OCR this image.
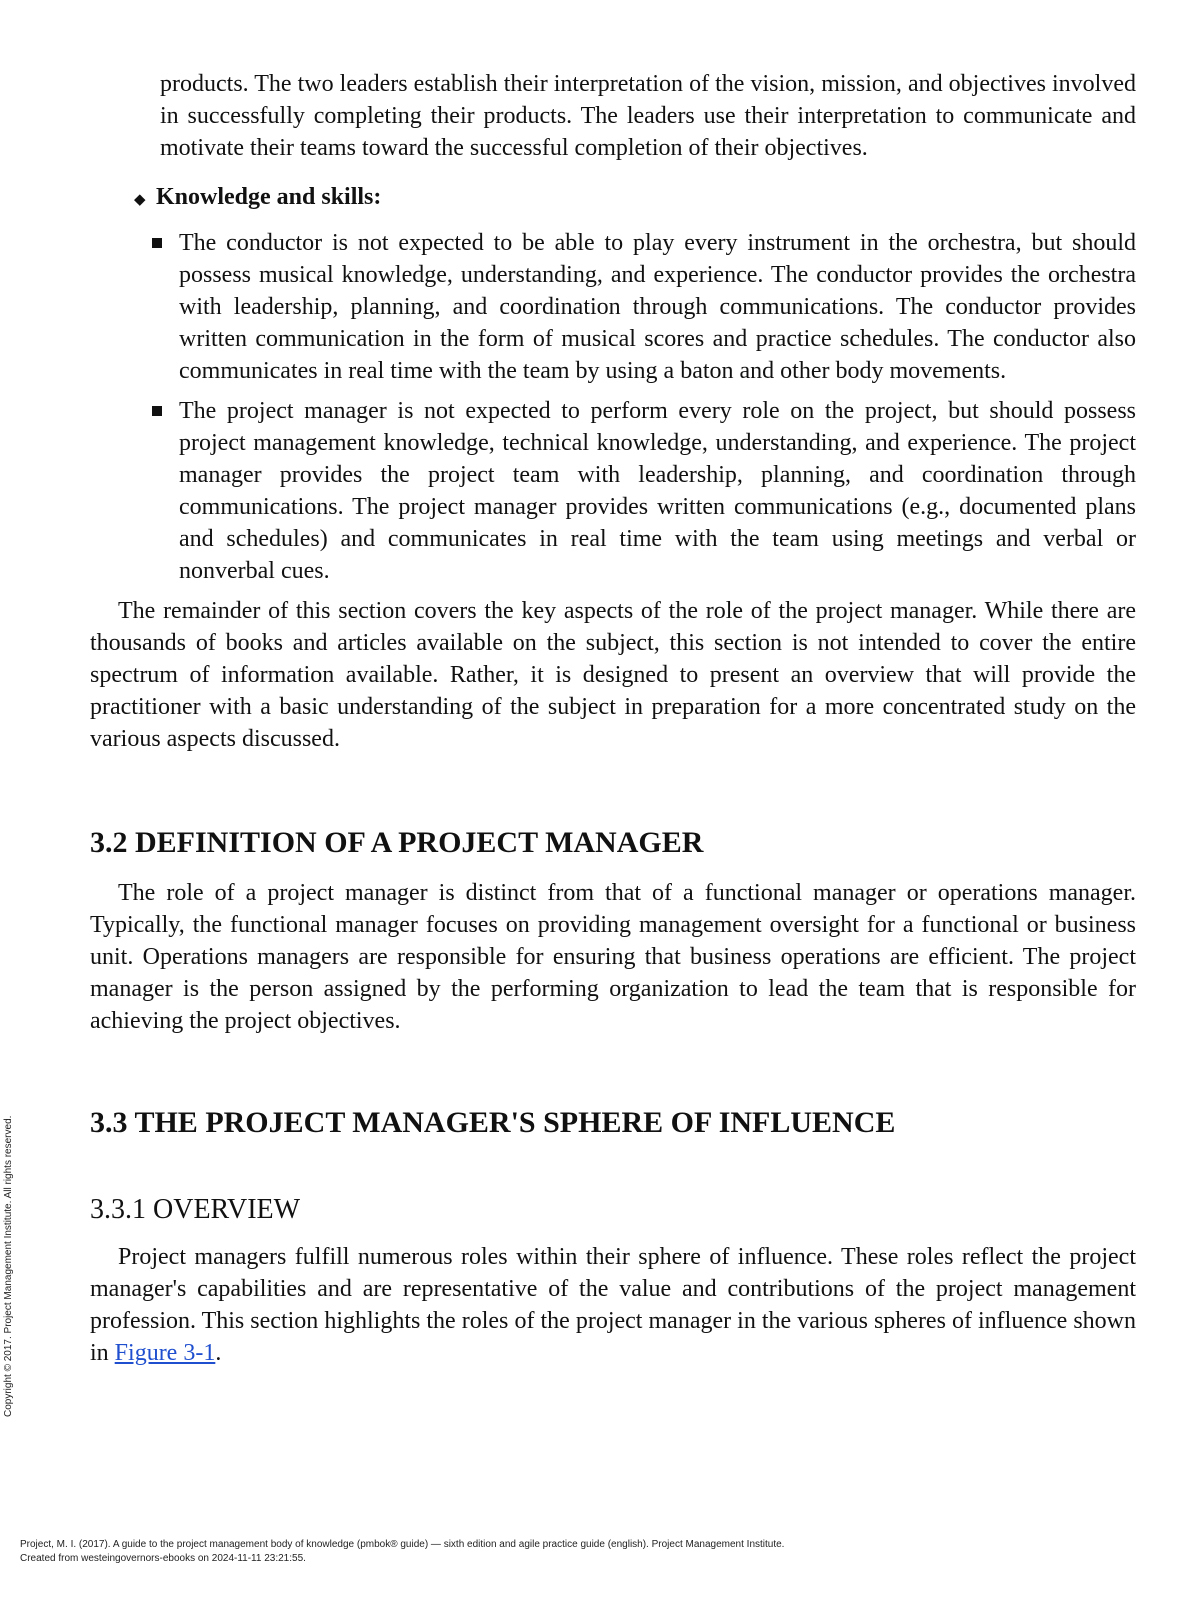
products. The two leaders establish their interpretation of the vision, mission, and objectives involved in successfully completing their products. The leaders use their interpretation to communicate and motivate their teams toward the successful completion of their objectives.

◆ Knowledge and skills:

The conductor is not expected to be able to play every instrument in the orchestra, but should possess musical knowledge, understanding, and experience. The conductor provides the orchestra with leadership, planning, and coordination through communications. The conductor provides written communication in the form of musical scores and practice schedules. The conductor also communicates in real time with the team by using a baton and other body movements.

The project manager is not expected to perform every role on the project, but should possess project management knowledge, technical knowledge, understanding, and experience. The project manager provides the project team with leadership, planning, and coordination through communications. The project manager provides written communications (e.g., documented plans and schedules) and communicates in real time with the team using meetings and verbal or nonverbal cues.

The remainder of this section covers the key aspects of the role of the project manager. While there are thousands of books and articles available on the subject, this section is not intended to cover the entire spectrum of information available. Rather, it is designed to present an overview that will provide the practitioner with a basic understanding of the subject in preparation for a more concentrated study on the various aspects discussed.

3.2 DEFINITION OF A PROJECT MANAGER

The role of a project manager is distinct from that of a functional manager or operations manager. Typically, the functional manager focuses on providing management oversight for a functional or business unit. Operations managers are responsible for ensuring that business operations are efficient. The project manager is the person assigned by the performing organization to lead the team that is responsible for achieving the project objectives.

3.3 THE PROJECT MANAGER'S SPHERE OF INFLUENCE
3.3.1 OVERVIEW

Project managers fulfill numerous roles within their sphere of influence. These roles reflect the project manager's capabilities and are representative of the value and contributions of the project management profession. This section highlights the roles of the project manager in the various spheres of influence shown in Figure 3-1.

Copyright © 2017. Project Management Institute. All rights reserved.
Project, M. I. (2017). A guide to the project management body of knowledge (pmbok® guide) — sixth edition and agile practice guide (english). Project Management Institute.
Created from westeingovernors-ebooks on 2024-11-11 23:21:55.
